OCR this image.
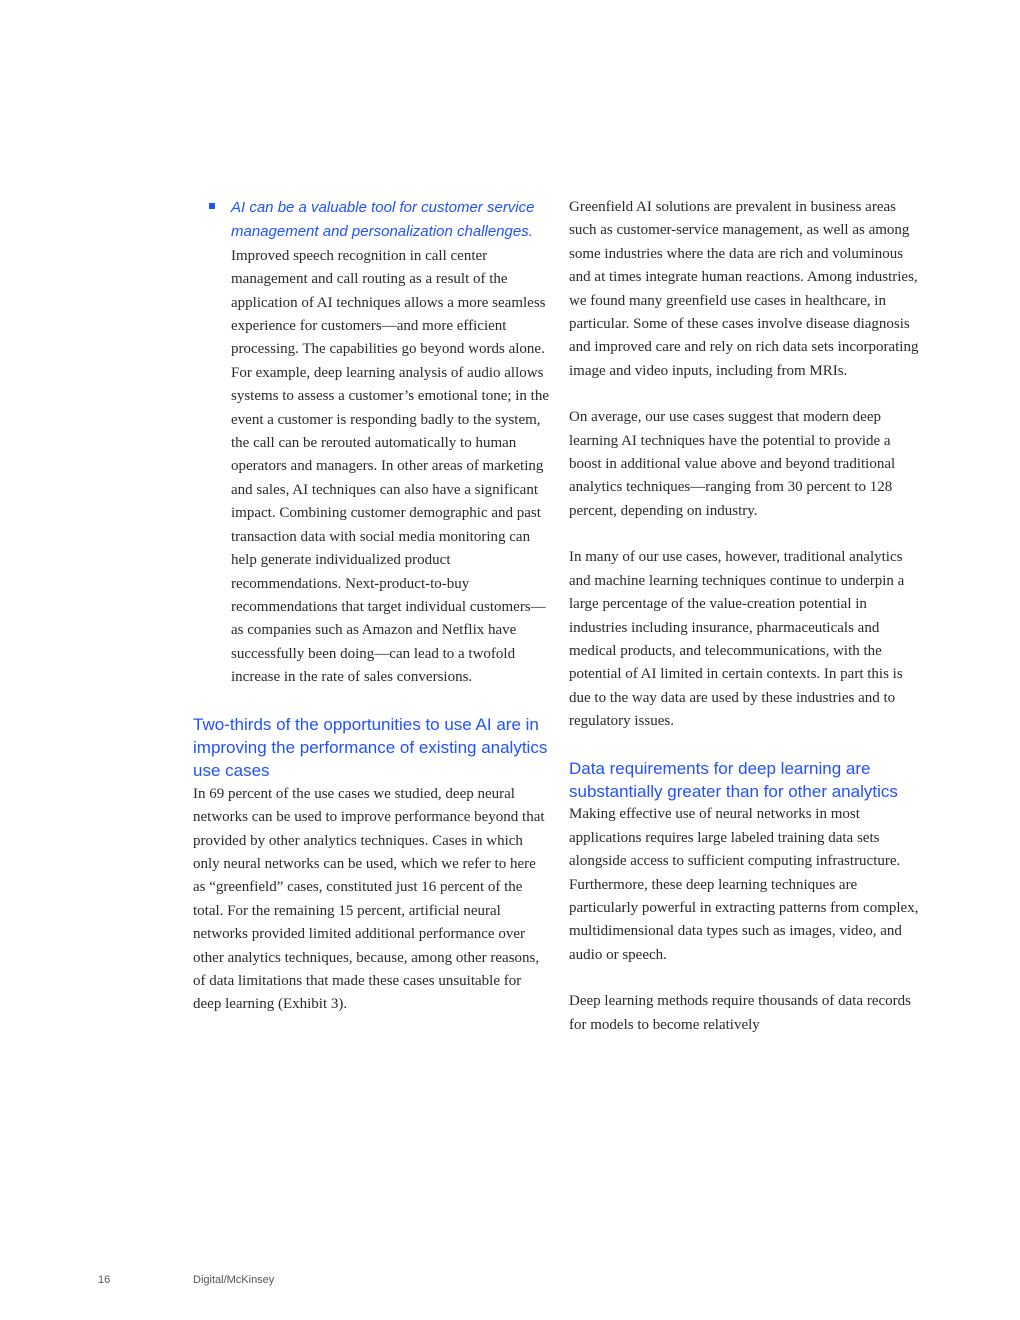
AI can be a valuable tool for customer service management and personalization challenges. Improved speech recognition in call center management and call routing as a result of the application of AI techniques allows a more seamless experience for customers—and more efficient processing. The capabilities go beyond words alone. For example, deep learning analysis of audio allows systems to assess a customer’s emotional tone; in the event a customer is responding badly to the system, the call can be rerouted automatically to human operators and managers. In other areas of marketing and sales, AI techniques can also have a significant impact. Combining customer demographic and past transaction data with social media monitoring can help generate individualized product recommendations. Next-product-to-buy recommendations that target individual customers—as companies such as Amazon and Netflix have successfully been doing—can lead to a twofold increase in the rate of sales conversions.
Two-thirds of the opportunities to use AI are in improving the performance of existing analytics use cases

In 69 percent of the use cases we studied, deep neural networks can be used to improve performance beyond that provided by other analytics techniques. Cases in which only neural networks can be used, which we refer to here as “greenfield” cases, constituted just 16 percent of the total. For the remaining 15 percent, artificial neural networks provided limited additional performance over other analytics techniques, because, among other reasons, of data limitations that made these cases unsuitable for deep learning (Exhibit 3).

Greenfield AI solutions are prevalent in business areas such as customer-service management, as well as among some industries where the data are rich and voluminous and at times integrate human reactions. Among industries, we found many greenfield use cases in healthcare, in particular. Some of these cases involve disease diagnosis and improved care and rely on rich data sets incorporating image and video inputs, including from MRIs.

On average, our use cases suggest that modern deep learning AI techniques have the potential to provide a boost in additional value above and beyond traditional analytics techniques—ranging from 30 percent to 128 percent, depending on industry.

In many of our use cases, however, traditional analytics and machine learning techniques continue to underpin a large percentage of the value-creation potential in industries including insurance, pharmaceuticals and medical products, and telecommunications, with the potential of AI limited in certain contexts. In part this is due to the way data are used by these industries and to regulatory issues.

Data requirements for deep learning are substantially greater than for other analytics

Making effective use of neural networks in most applications requires large labeled training data sets alongside access to sufficient computing infrastructure. Furthermore, these deep learning techniques are particularly powerful in extracting patterns from complex, multidimensional data types such as images, video, and audio or speech.

Deep learning methods require thousands of data records for models to become relatively

16	Digital/McKinsey
